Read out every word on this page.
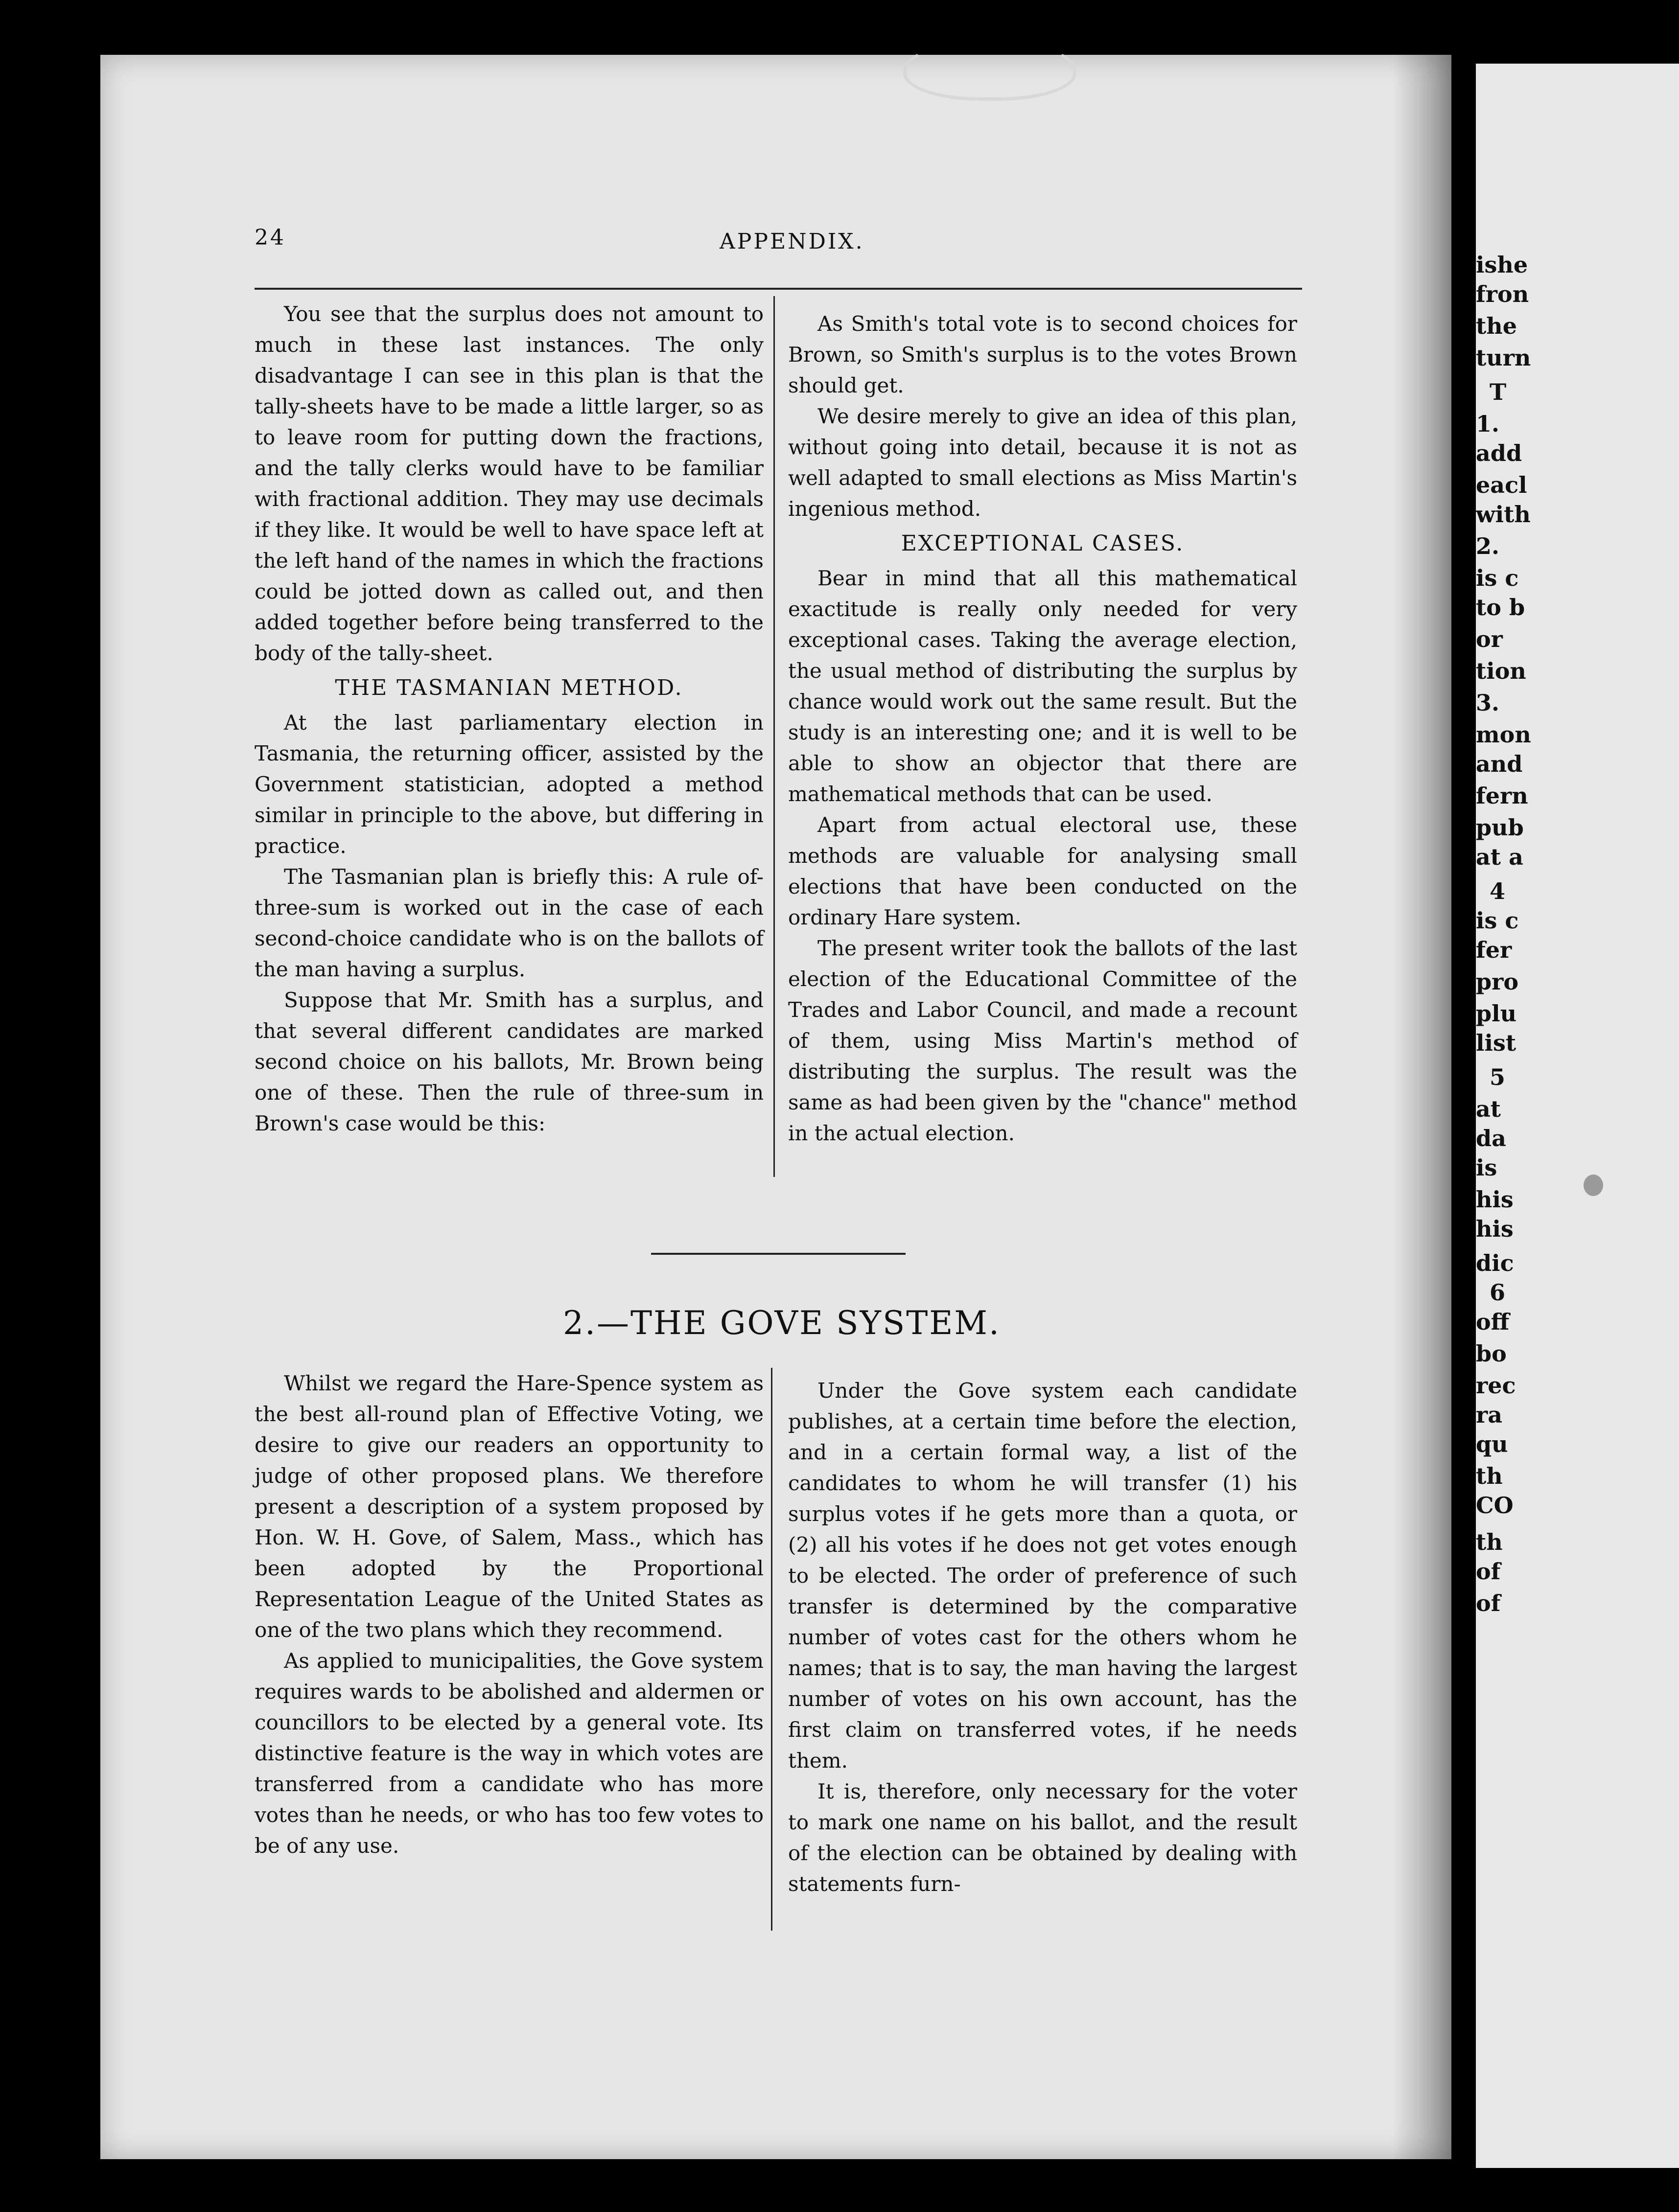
24	APPENDIX.

You see that the surplus does not amount to much in these last instances. The only disadvantage I can see in this plan is that the tally-sheets have to be made a little larger, so as to leave room for putting down the fractions, and the tally clerks would have to be familiar with fractional addition. They may use decimals if they like. It would be well to have space left at the left hand of the names in which the fractions could be jotted down as called out, and then added together before being transferred to the body of the tally-sheet.

THE TASMANIAN METHOD.

At the last parliamentary election in Tasmania, the returning officer, assisted by the Government statistician, adopted a method similar in principle to the above, but differing in practice.

The Tasmanian plan is briefly this: A rule of-three-sum is worked out in the case of each second-choice candidate who is on the ballots of the man having a surplus.

Suppose that Mr. Smith has a surplus, and that several different candidates are marked second choice on his ballots, Mr. Brown being one of these. Then the rule of three-sum in Brown's case would be this:

As Smith's total vote is to second choices for Brown, so Smith's surplus is to the votes Brown should get.

We desire merely to give an idea of this plan, without going into detail, because it is not as well adapted to small elections as Miss Martin's ingenious method.

EXCEPTIONAL CASES.

Bear in mind that all this mathematical exactitude is really only needed for very exceptional cases. Taking the average election, the usual method of distributing the surplus by chance would work out the same result. But the study is an interesting one; and it is well to be able to show an objector that there are mathematical methods that can be used.

Apart from actual electoral use, these methods are valuable for analysing small elections that have been conducted on the ordinary Hare system.

The present writer took the ballots of the last election of the Educational Committee of the Trades and Labor Council, and made a recount of them, using Miss Martin's method of distributing the surplus. The result was the same as had been given by the "chance" method in the actual election.

2.—THE GOVE SYSTEM.

Whilst we regard the Hare-Spence system as the best all-round plan of Effective Voting, we desire to give our readers an opportunity to judge of other proposed plans. We therefore present a description of a system proposed by Hon. W. H. Gove, of Salem, Mass., which has been adopted by the Proportional Representation League of the United States as one of the two plans which they recommend.

As applied to municipalities, the Gove system requires wards to be abolished and aldermen or councillors to be elected by a general vote. Its distinctive feature is the way in which votes are transferred from a candidate who has more votes than he needs, or who has too few votes to be of any use.

Under the Gove system each candidate publishes, at a certain time before the election, and in a certain formal way, a list of the candidates to whom he will transfer (1) his surplus votes if he gets more than a quota, or (2) all his votes if he does not get votes enough to be elected. The order of preference of such transfer is determined by the comparative number of votes cast for the others whom he names; that is to say, the man having the largest number of votes on his own account, has the first claim on transferred votes, if he needs them.

It is, therefore, only necessary for the voter to mark one name on his ballot, and the result of the election can be obtained by dealing with statements furn-

ishe
fron
the
turn
T
1.
add
eacl
with
2.
is c
to b
or
tion
3.
mon
and
fern
pub
at a
4
is c
fer
pro
plu
list
5
at
da
is
his
his
dic
6
off
bo
rec
ra
qu
th
CO
th
of
of
